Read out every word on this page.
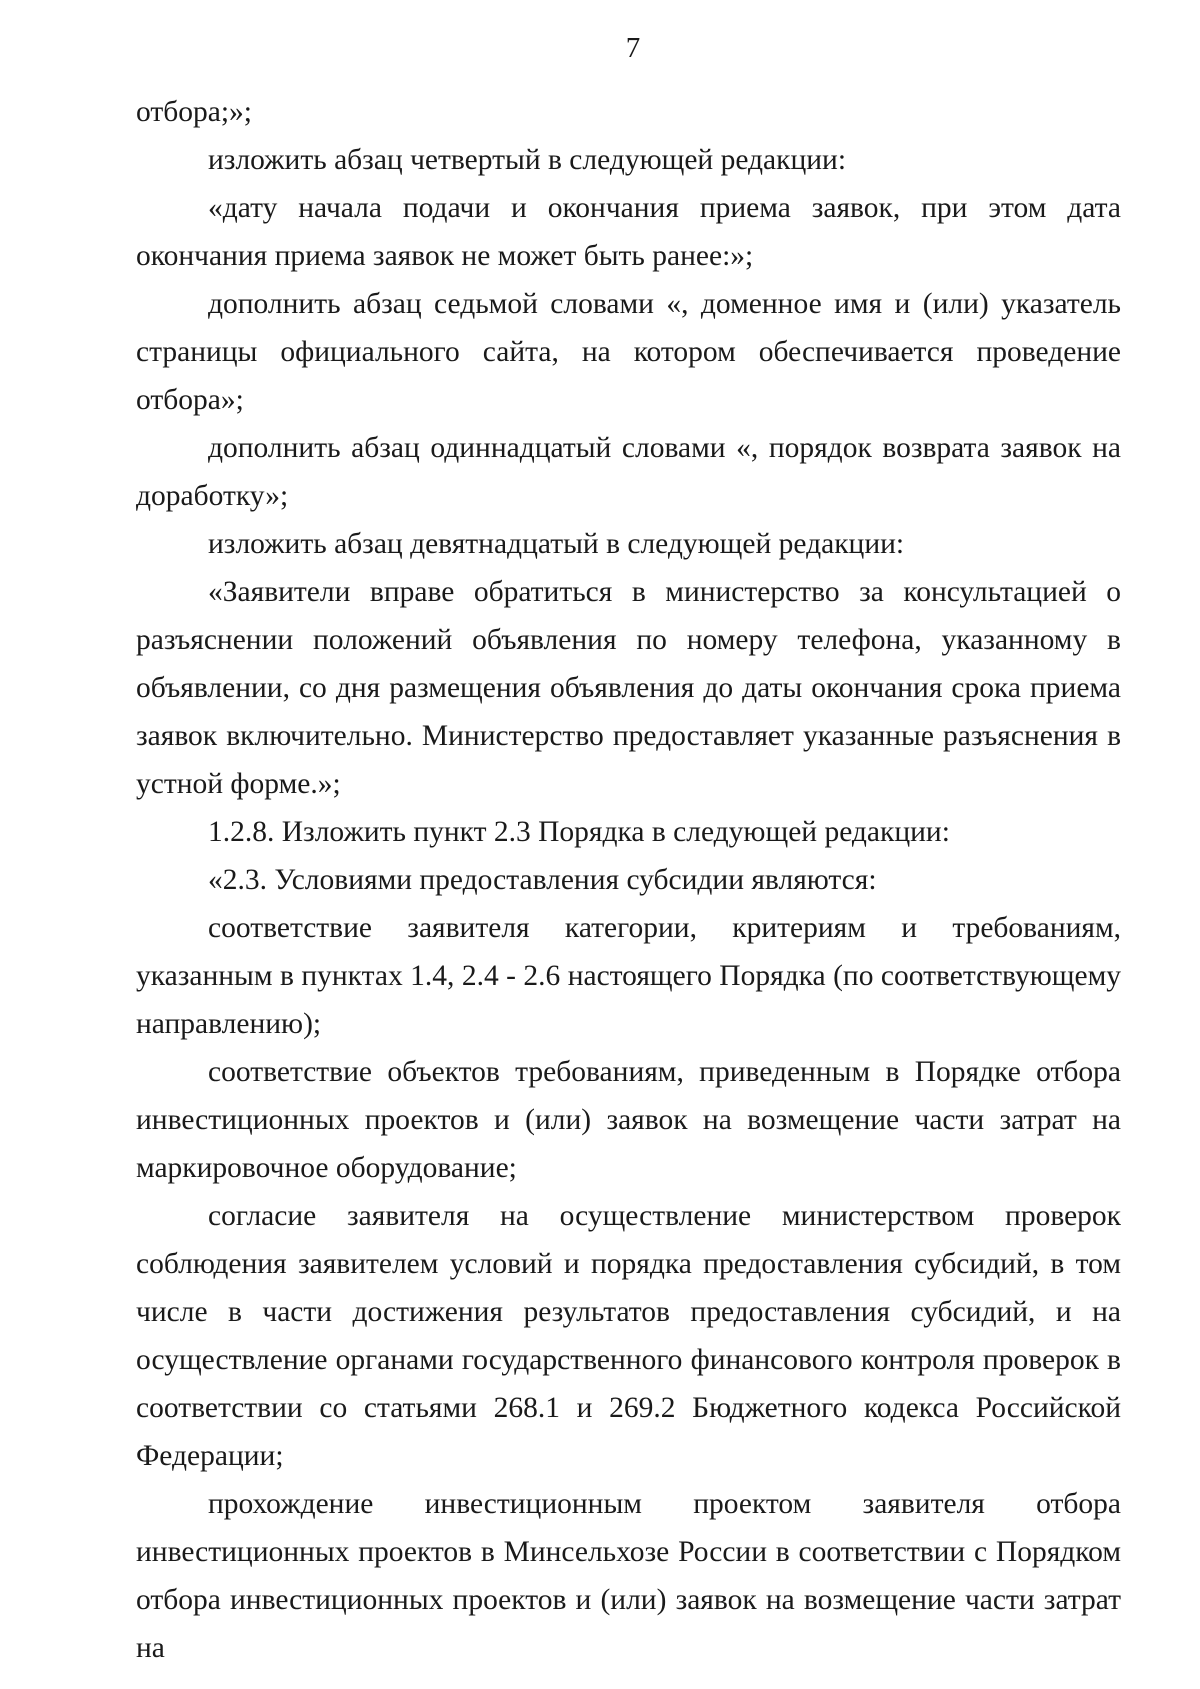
7

отбора;»;

изложить абзац четвертый в следующей редакции:

«дату начала подачи и окончания приема заявок, при этом дата окончания приема заявок не может быть ранее:»;

дополнить абзац седьмой словами «, доменное имя и (или) указатель страницы официального сайта, на котором обеспечивается проведение отбора»;

дополнить абзац одиннадцатый словами «, порядок возврата заявок на доработку»;

изложить абзац девятнадцатый в следующей редакции:

«Заявители вправе обратиться в министерство за консультацией о разъяснении положений объявления по номеру телефона, указанному в объявлении, со дня размещения объявления до даты окончания срока приема заявок включительно. Министерство предоставляет указанные разъяснения в устной форме.»;

1.2.8. Изложить пункт 2.3 Порядка в следующей редакции:

«2.3. Условиями предоставления субсидии являются:

соответствие заявителя категории, критериям и требованиям, указанным в пунктах 1.4, 2.4 - 2.6 настоящего Порядка (по соответствующему направлению);

соответствие объектов требованиям, приведенным в Порядке отбора инвестиционных проектов и (или) заявок на возмещение части затрат на маркировочное оборудование;

согласие заявителя на осуществление министерством проверок соблюдения заявителем условий и порядка предоставления субсидий, в том числе в части достижения результатов предоставления субсидий, и на осуществление органами государственного финансового контроля проверок в соответствии со статьями 268.1 и 269.2 Бюджетного кодекса Российской Федерации;

прохождение инвестиционным проектом заявителя отбора инвестиционных проектов в Минсельхозе России в соответствии с Порядком отбора инвестиционных проектов и (или) заявок на возмещение части затрат на
